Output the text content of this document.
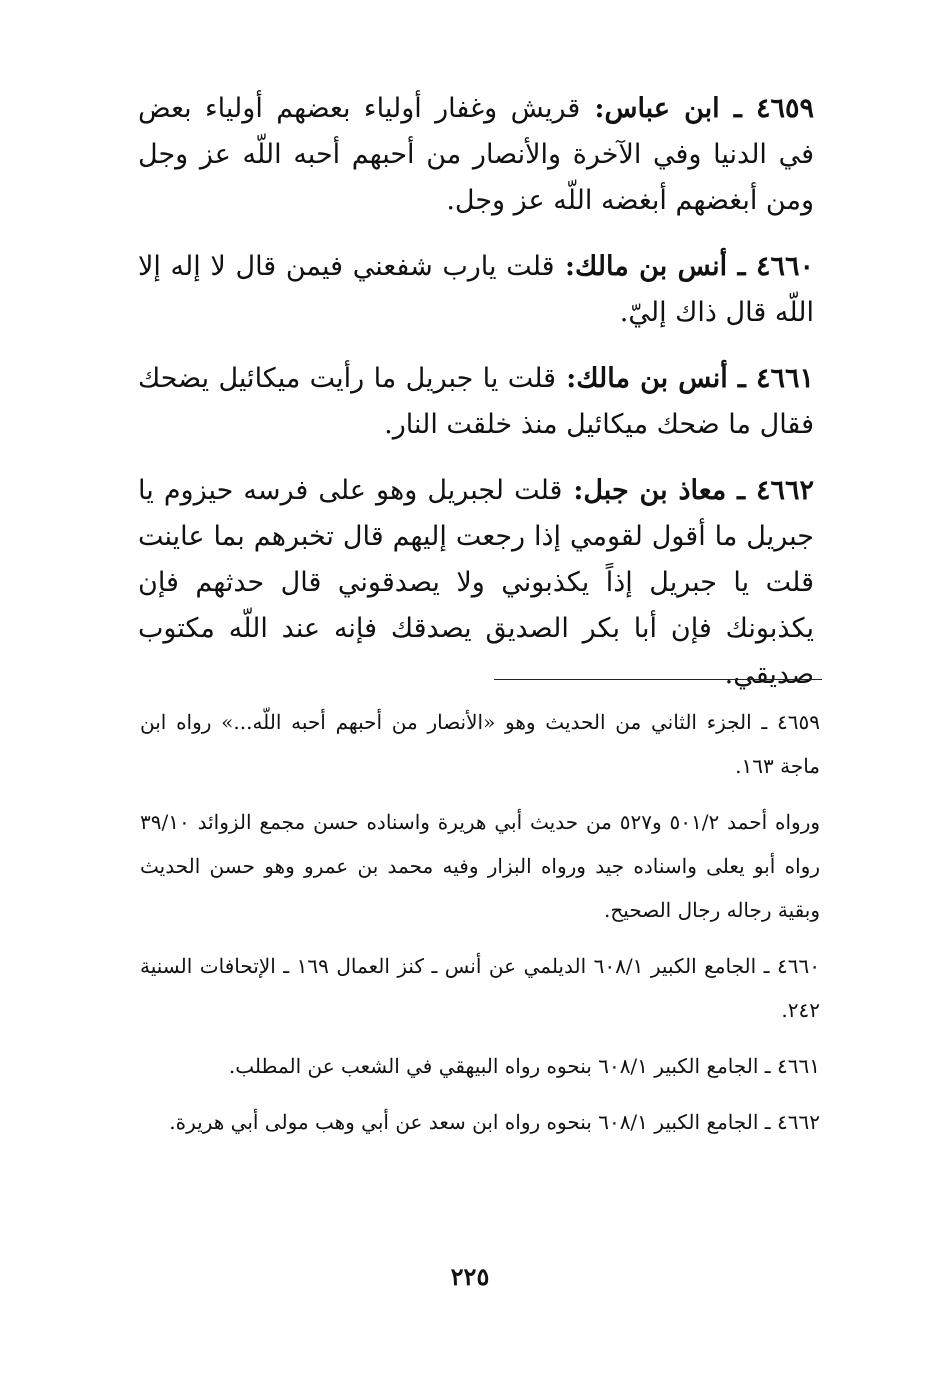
٤٦٥٩ ـ ابن عباس: قريش وغفار أولياء بعضهم أولياء بعض في الدنيا وفي الآخرة والأنصار من أحبهم أحبه اللّه عز وجل ومن أبغضهم أبغضه اللّه عز وجل.

٤٦٦٠ ـ أنس بن مالك: قلت يارب شفعني فيمن قال لا إله إلا اللّه قال ذاك إليّ.

٤٦٦١ ـ أنس بن مالك: قلت يا جبريل ما رأيت ميكائيل يضحك فقال ما ضحك ميكائيل منذ خلقت النار.

٤٦٦٢ ـ معاذ بن جبل: قلت لجبريل وهو على فرسه حيزوم يا جبريل ما أقول لقومي إذا رجعت إليهم قال تخبرهم بما عاينت قلت يا جبريل إذاً يكذبوني ولا يصدقوني قال حدثهم فإن يكذبونك فإن أبا بكر الصديق يصدقك فإنه عند اللّه مكتوب صديقي.

٤٦٥٩ ـ الجزء الثاني من الحديث وهو «الأنصار من أحبهم أحبه اللّه...» رواه ابن ماجة ١٦٣.

ورواه أحمد ٥٠١/٢ و٥٢٧ من حديث أبي هريرة واسناده حسن مجمع الزوائد ٣٩/١٠ رواه أبو يعلى واسناده جيد ورواه البزار وفيه محمد بن عمرو وهو حسن الحديث وبقية رجاله رجال الصحيح.

٤٦٦٠ ـ الجامع الكبير ٦٠٨/١ الديلمي عن أنس ـ كنز العمال ١٦٩ ـ الإتحافات السنية ٢٤٢.

٤٦٦١ ـ الجامع الكبير ٦٠٨/١ بنحوه رواه البيهقي في الشعب عن المطلب.

٤٦٦٢ ـ الجامع الكبير ٦٠٨/١ بنحوه رواه ابن سعد عن أبي وهب مولى أبي هريرة.

٢٢٥
